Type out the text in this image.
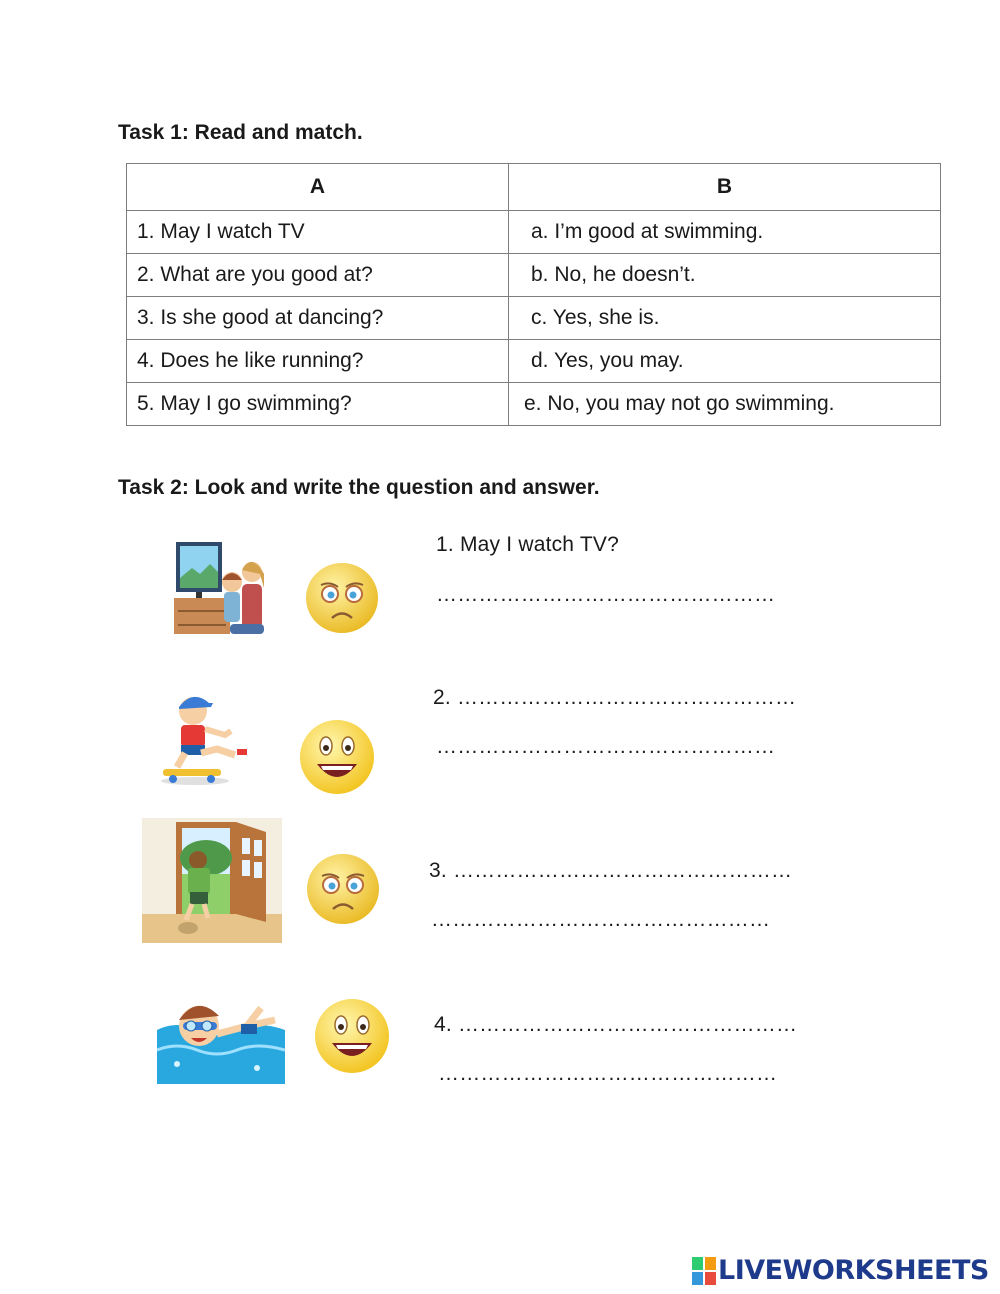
Task 1: Read and match.
A	B
1. May I watch TV	a. I’m good at swimming.
2. What are you good at?	b. No, he doesn’t.
3. Is she good at dancing?	c. Yes, she is.
4. Does he like running?	d. Yes, you may.
5. May I go swimming?	e. No, you may not go swimming.
Task 2: Look and write the question and answer.
1. May I watch TV?
…………………………………………
2. …………………………………………
…………………………………………
3. …………………………………………
…………………………………………
4. …………………………………………
…………………………………………
LIVEWORKSHEETS
